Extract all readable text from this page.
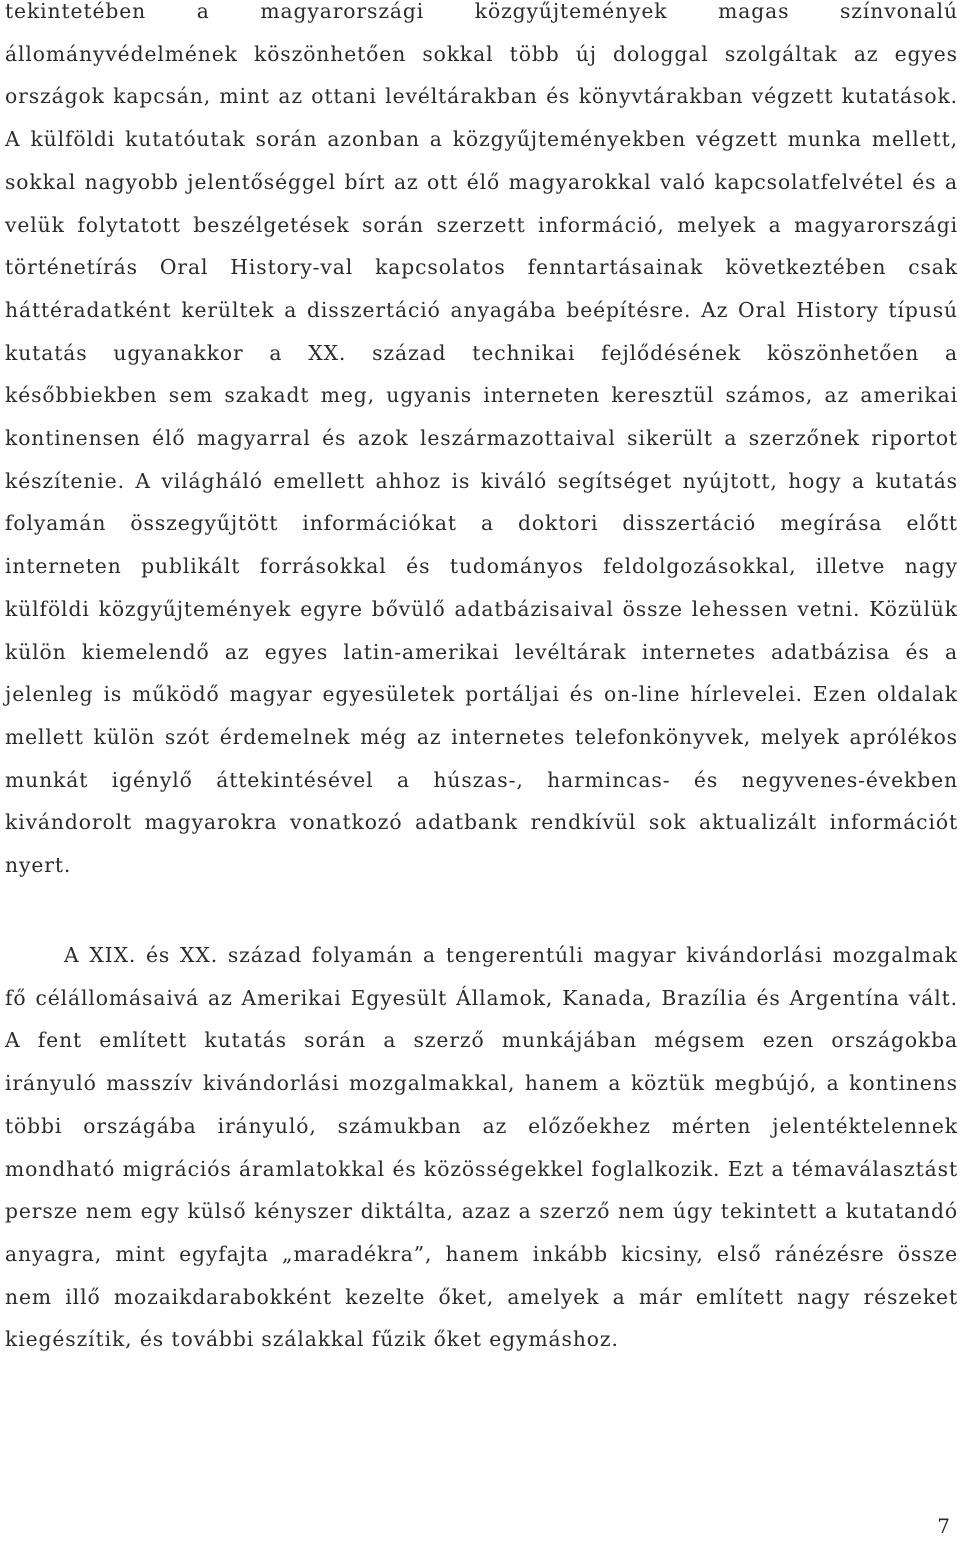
tekintetében a magyarországi közgyűjtemények magas színvonalú állományvédelmének köszönhetően sokkal több új dologgal szolgáltak az egyes országok kapcsán, mint az ottani levéltárakban és könyvtárakban végzett kutatások. A külföldi kutatóutak során azonban a közgyűjteményekben végzett munka mellett, sokkal nagyobb jelentőséggel bírt az ott élő magyarokkal való kapcsolatfelvétel és a velük folytatott beszélgetések során szerzett információ, melyek a magyarországi történetírás Oral History-val kapcsolatos fenntartásainak következtében csak háttéradatként kerültek a disszertáció anyagába beépítésre. Az Oral History típusú kutatás ugyanakkor a XX. század technikai fejlődésének köszönhetően a későbbiekben sem szakadt meg, ugyanis interneten keresztül számos, az amerikai kontinensen élő magyarral és azok leszármazottaival sikerült a szerzőnek riportot készítenie. A világháló emellett ahhoz is kiváló segítséget nyújtott, hogy a kutatás folyamán összegyűjtött információkat a doktori disszertáció megírása előtt interneten publikált forrásokkal és tudományos feldolgozásokkal, illetve nagy külföldi közgyűjtemények egyre bővülő adatbázisaival össze lehessen vetni. Közülük külön kiemelendő az egyes latin-amerikai levéltárak internetes adatbázisa és a jelenleg is működő magyar egyesületek portáljai és on-line hírlevelei. Ezen oldalak mellett külön szót érdemelnek még az internetes telefonkönyvek, melyek aprólékos munkát igénylő áttekintésével a húszas-, harmincas- és negyvenes-években kivándorolt magyarokra vonatkozó adatbank rendkívül sok aktualizált információt nyert.

A XIX. és XX. század folyamán a tengerentúli magyar kivándorlási mozgalmak fő célállomásaivá az Amerikai Egyesült Államok, Kanada, Brazília és Argentína vált. A fent említett kutatás során a szerző munkájában mégsem ezen országokba irányuló masszív kivándorlási mozgalmakkal, hanem a köztük megbújó, a kontinens többi országába irányuló, számukban az előzőekhez mérten jelentéktelennek mondható migrációs áramlatokkal és közösségekkel foglalkozik. Ezt a témaválasztást persze nem egy külső kényszer diktálta, azaz a szerző nem úgy tekintett a kutatandó anyagra, mint egyfajta „maradékra”, hanem inkább kicsiny, első ránézésre össze nem illő mozaikdarabokként kezelte őket, amelyek a már említett nagy részeket kiegészítik, és további szálakkal fűzik őket egymáshoz.

7
